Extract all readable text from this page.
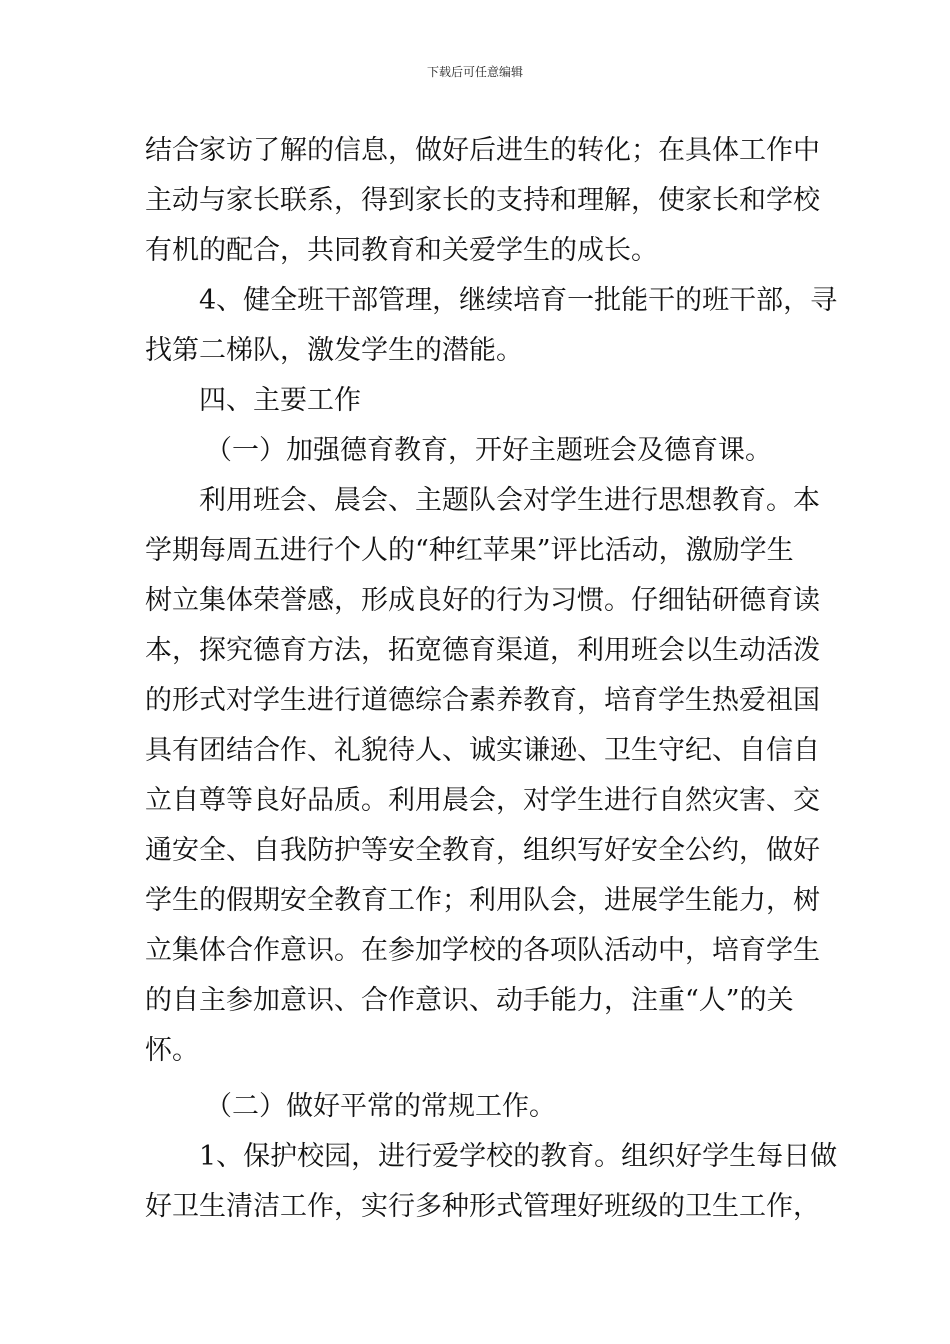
下载后可任意编辑
结合家访了解的信息，做好后进生的转化；在具体工作中
主动与家长联系，得到家长的支持和理解，使家长和学校
有机的配合，共同教育和关爱学生的成长。
4、健全班干部管理，继续培育一批能干的班干部，寻
找第二梯队，激发学生的潜能。
四、主要工作
（一）加强德育教育，开好主题班会及德育课。
利用班会、晨会、主题队会对学生进行思想教育。本
学期每周五进行个人的“种红苹果”评比活动，激励学生
树立集体荣誉感，形成良好的行为习惯。仔细钻研德育读
本，探究德育方法，拓宽德育渠道，利用班会以生动活泼
的形式对学生进行道德综合素养教育，培育学生热爱祖国
具有团结合作、礼貌待人、诚实谦逊、卫生守纪、自信自
立自尊等良好品质。利用晨会，对学生进行自然灾害、交
通安全、自我防护等安全教育，组织写好安全公约，做好
学生的假期安全教育工作；利用队会，进展学生能力，树
立集体合作意识。在参加学校的各项队活动中，培育学生
的自主参加意识、合作意识、动手能力，注重“人”的关
怀。
（二）做好平常的常规工作。
1、保护校园，进行爱学校的教育。组织好学生每日做
好卫生清洁工作，实行多种形式管理好班级的卫生工作，
